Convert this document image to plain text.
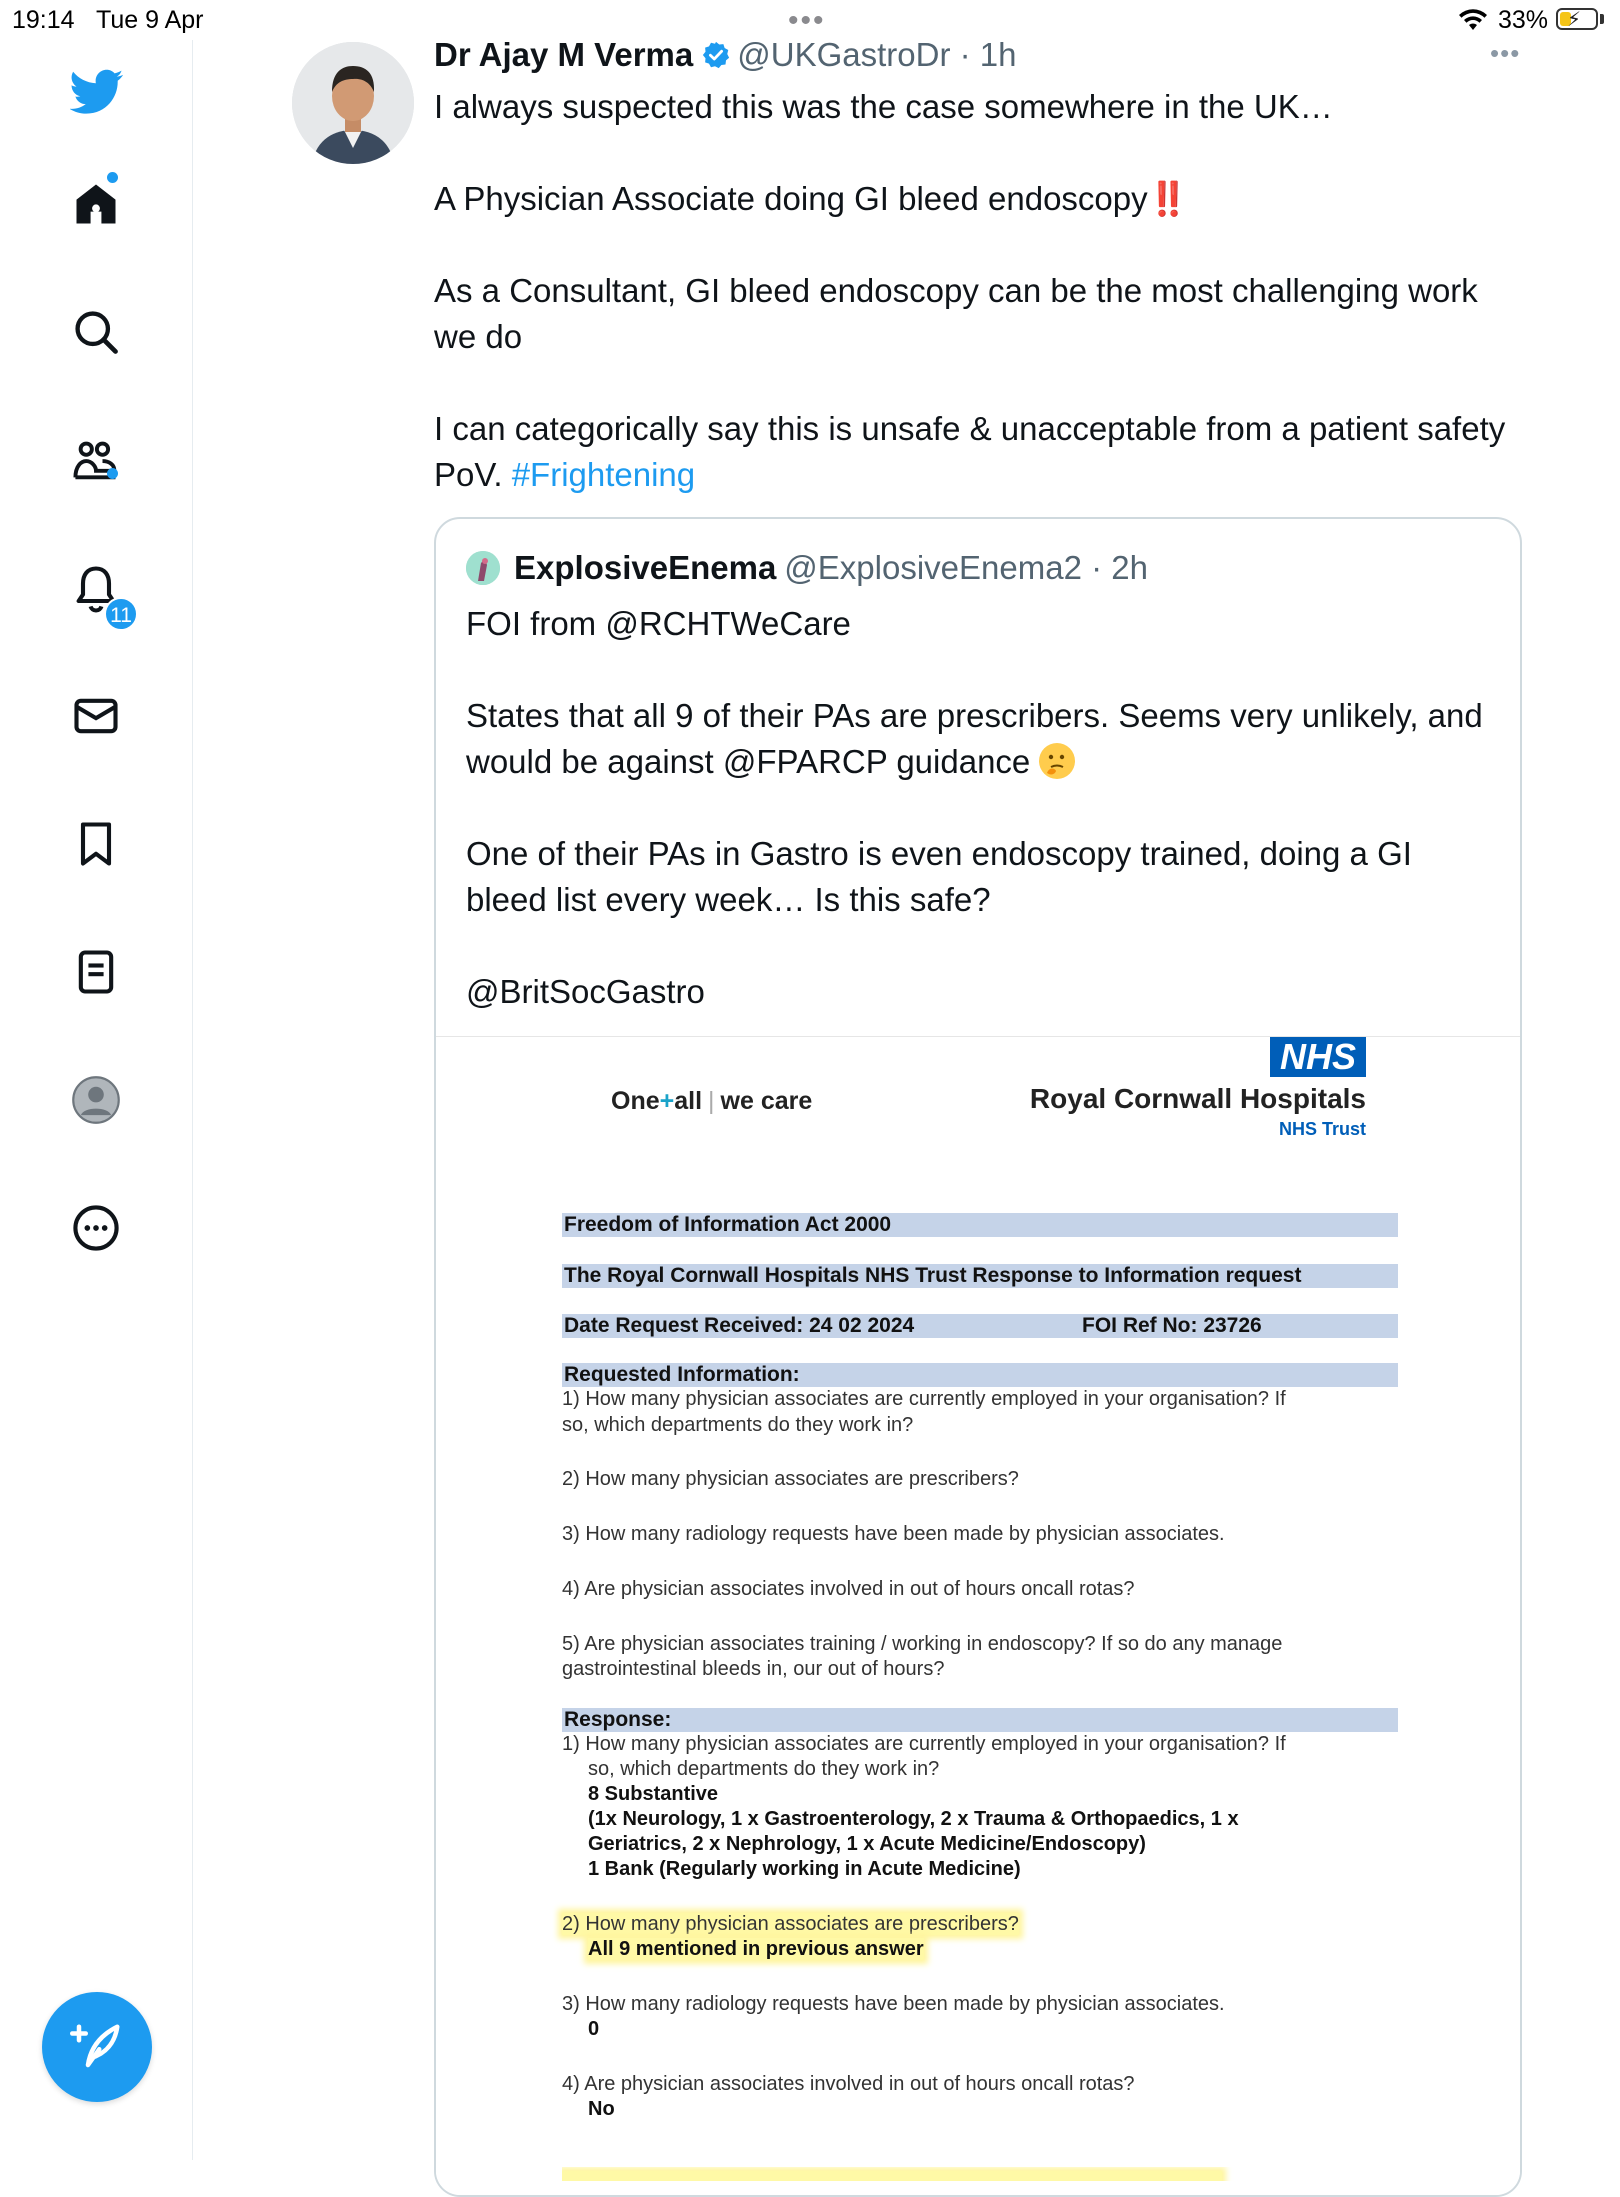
19:14 Tue 9 Apr	•••	33% ⚡
11
Dr Ajay M Verma @UKGastroDr · 1h	•••

I always suspected this was the case somewhere in the UK…

A Physician Associate doing GI bleed endoscopy‼️

As a Consultant, GI bleed endoscopy can be the most challenging work we do

I can categorically say this is unsafe & unacceptable from a patient safety PoV. #Frightening

ExplosiveEnema @ExplosiveEnema2 · 2h

FOI from @RCHTWeCare

States that all 9 of their PAs are prescribers. Seems very unlikely, and would be against @FPARCP guidance

One of their PAs in Gastro is even endoscopy trained, doing a GI bleed list every week… Is this safe?

@BritSocGastro

One+all | we care
NHS
Royal Cornwall Hospitals
NHS Trust
Freedom of Information Act 2000
The Royal Cornwall Hospitals NHS Trust Response to Information request
Date Request Received: 24 02 2024	FOI Ref No: 23726
Requested Information:
1) How many physician associates are currently employed in your organisation? If
so, which departments do they work in?
2) How many physician associates are prescribers?
3) How many radiology requests have been made by physician associates.
4) Are physician associates involved in out of hours oncall rotas?
5) Are physician associates training / working in endoscopy? If so do any manage
gastrointestinal bleeds in, our out of hours?
Response:
1) How many physician associates are currently employed in your organisation? If
so, which departments do they work in?
8 Substantive
(1x Neurology, 1 x Gastroenterology, 2 x Trauma & Orthopaedics, 1 x
Geriatrics, 2 x Nephrology, 1 x Acute Medicine/Endoscopy)
1 Bank (Regularly working in Acute Medicine)
2) How many physician associates are prescribers?
All 9 mentioned in previous answer
3) How many radiology requests have been made by physician associates.
0
4) Are physician associates involved in out of hours oncall rotas?
No
